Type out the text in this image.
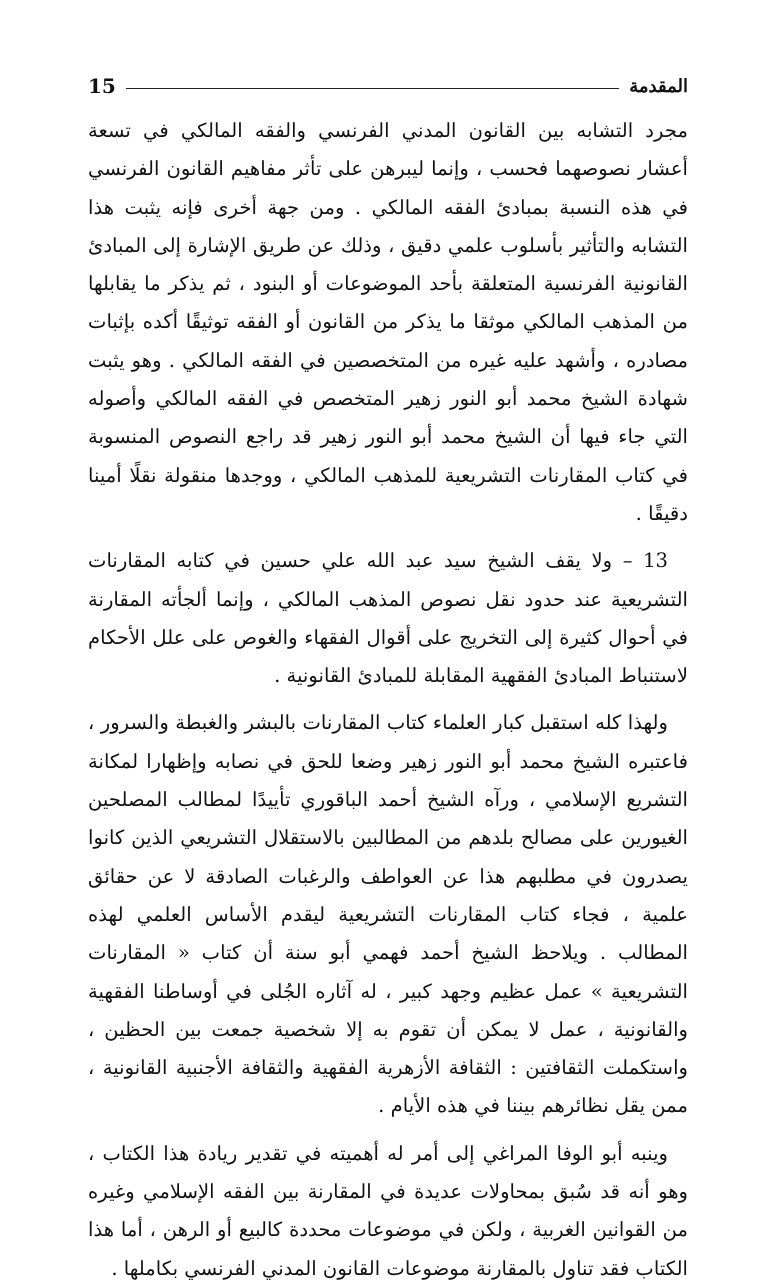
15	المقدمة

مجرد التشابه بين القانون المدني الفرنسي والفقه المالكي في تسعة أعشار نصوصهما فحسب ، وإنما ليبرهن على تأثر مفاهيم القانون الفرنسي في هذه النسبة بمبادئ الفقه المالكي . ومن جهة أخرى فإنه يثبت هذا التشابه والتأثير بأسلوب علمي دقيق ، وذلك عن طريق الإشارة إلى المبادئ القانونية الفرنسية المتعلقة بأحد الموضوعات أو البنود ، ثم يذكر ما يقابلها من المذهب المالكي موثقا ما يذكر من القانون أو الفقه توثيقًا أكده بإثبات مصادره ، وأشهد عليه غيره من المتخصصين في الفقه المالكي . وهو يثبت شهادة الشيخ محمد أبو النور زهير المتخصص في الفقه المالكي وأصوله التي جاء فيها أن الشيخ محمد أبو النور زهير قد راجع النصوص المنسوبة في كتاب المقارنات التشريعية للمذهب المالكي ، ووجدها منقولة نقلًا أمينا دقيقًا .

13 – ولا يقف الشيخ سيد عبد الله علي حسين في كتابه المقارنات التشريعية عند حدود نقل نصوص المذهب المالكي ، وإنما ألجأته المقارنة في أحوال كثيرة إلى التخريج على أقوال الفقهاء والغوص على علل الأحكام لاستنباط المبادئ الفقهية المقابلة للمبادئ القانونية .

ولهذا كله استقبل كبار العلماء كتاب المقارنات بالبشر والغبطة والسرور ، فاعتبره الشيخ محمد أبو النور زهير وضعا للحق في نصابه وإظهارا لمكانة التشريع الإسلامي ، ورآه الشيخ أحمد الباقوري تأييدًا لمطالب المصلحين الغيورين على مصالح بلدهم من المطالبين بالاستقلال التشريعي الذين كانوا يصدرون في مطلبهم هذا عن العواطف والرغبات الصادقة لا عن حقائق علمية ، فجاء كتاب المقارنات التشريعية ليقدم الأساس العلمي لهذه المطالب . ويلاحظ الشيخ أحمد فهمي أبو سنة أن كتاب « المقارنات التشريعية » عمل عظيم وجهد كبير ، له آثاره الجُلى في أوساطنا الفقهية والقانونية ، عمل لا يمكن أن تقوم به إلا شخصية جمعت بين الحظين ، واستكملت الثقافتين : الثقافة الأزهرية الفقهية والثقافة الأجنبية القانونية ، ممن يقل نظائرهم بيننا في هذه الأيام .

وينبه أبو الوفا المراغي إلى أمر له أهميته في تقدير ريادة هذا الكتاب ، وهو أنه قد سُبق بمحاولات عديدة في المقارنة بين الفقه الإسلامي وغيره من القوانين الغربية ، ولكن في موضوعات محددة كالبيع أو الرهن ، أما هذا الكتاب فقد تناول بالمقارنة موضوعات القانون المدني الفرنسي بكاملها .
